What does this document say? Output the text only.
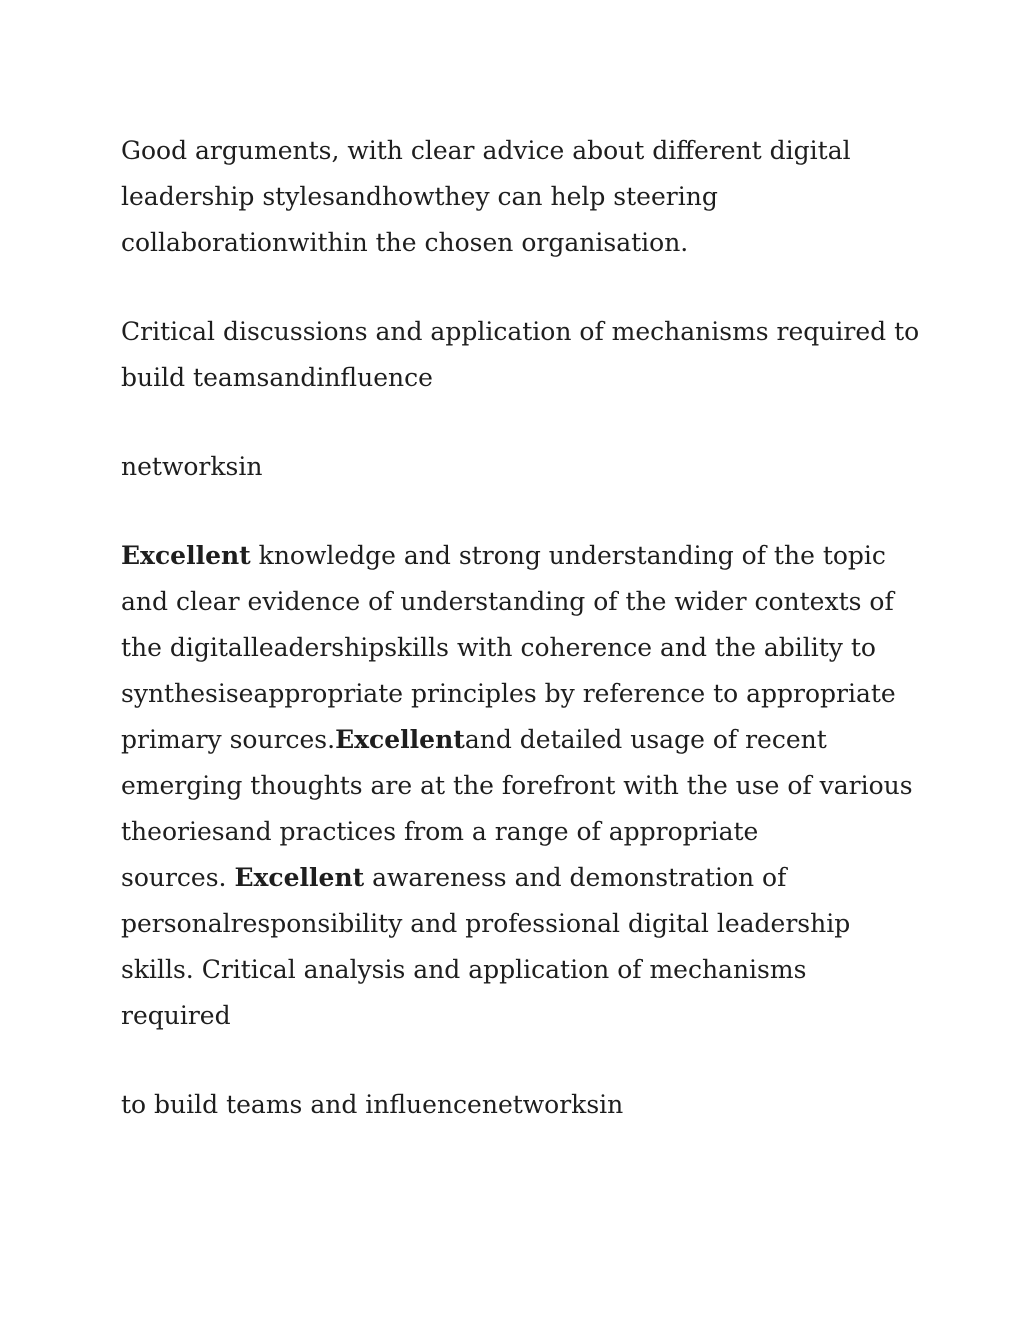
Good arguments, with clear advice about different digital
leadership stylesandhowthey can help steering
collaborationwithin the chosen organisation.

Critical discussions and application of mechanisms required to
build teamsandinfluence

networksin

Excellent knowledge and strong understanding of the topic
and clear evidence of understanding of the wider contexts of
the digitalleadershipskills with coherence and the ability to
synthesiseappropriate principles by reference to appropriate
primary sources.Excellentand detailed usage of recent
emerging thoughts are at the forefront with the use of various
theoriesand practices from a range of appropriate
sources. Excellent awareness and demonstration of
personalresponsibility and professional digital leadership
skills. Critical analysis and application of mechanisms
required

to build teams and influencenetworksin
